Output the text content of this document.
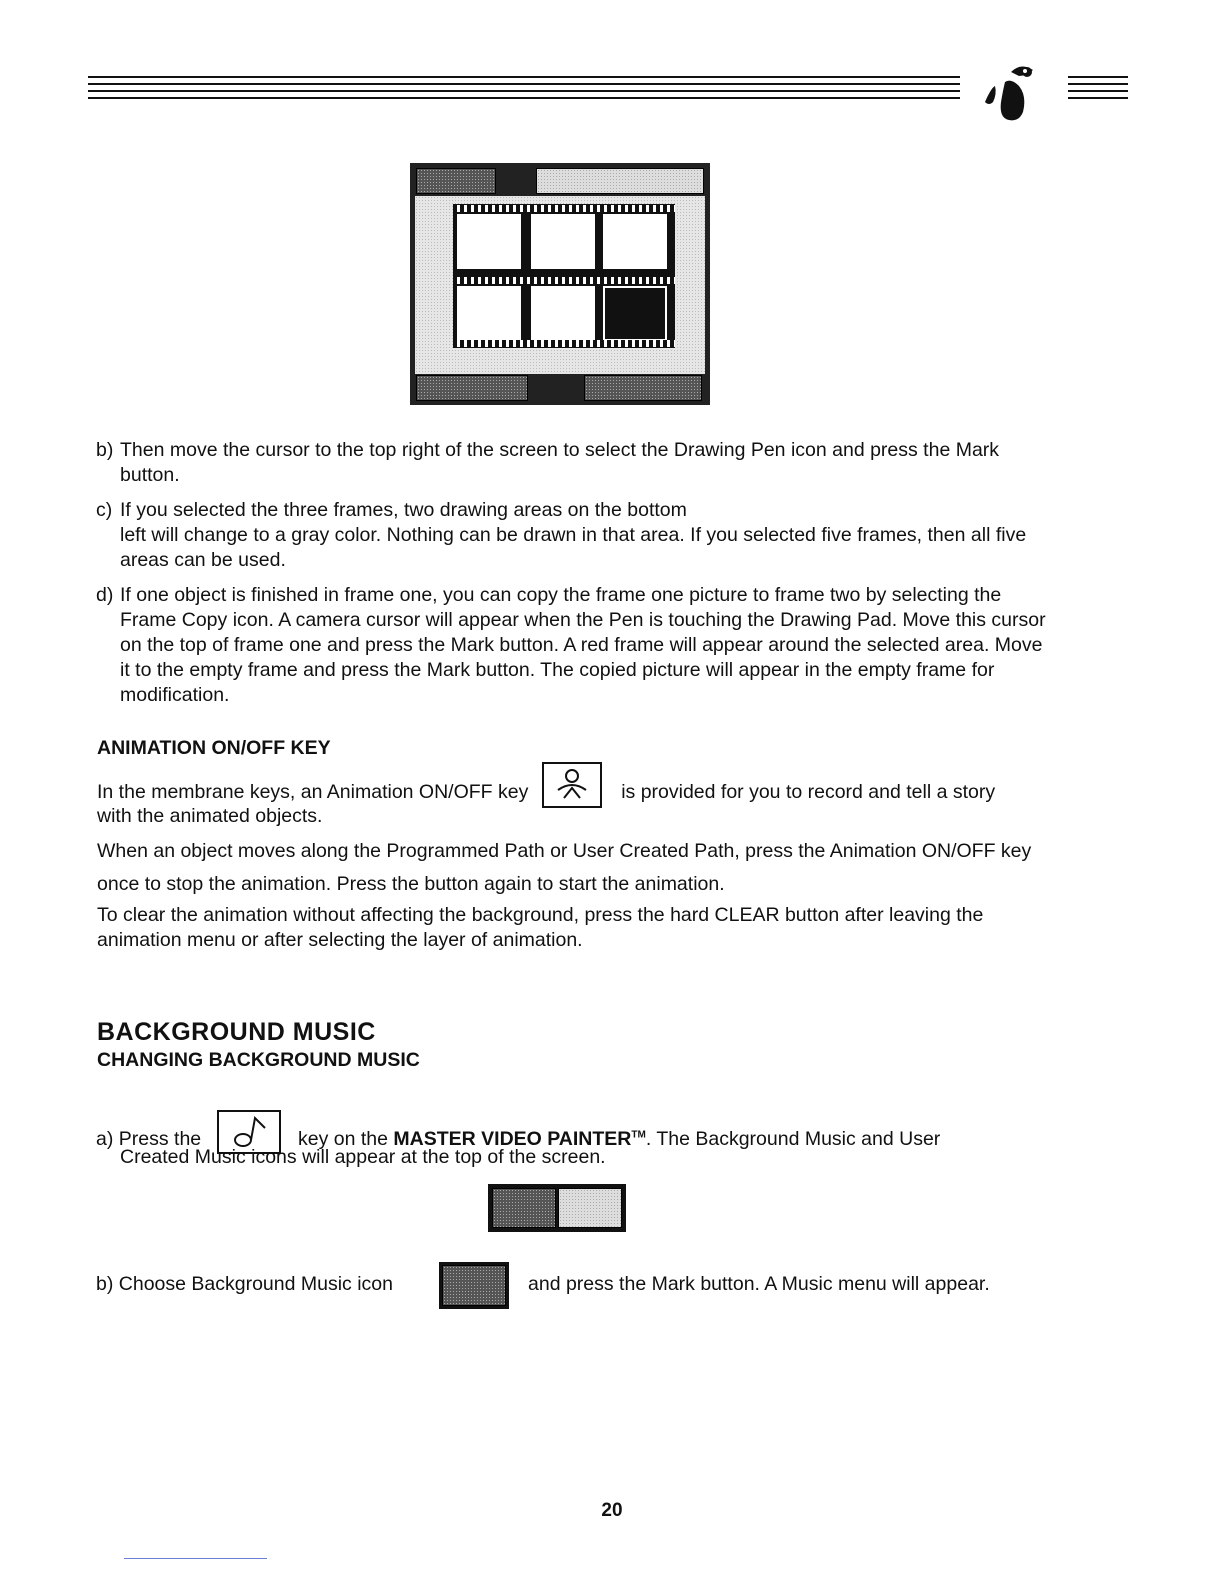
b) Then move the cursor to the top right of the screen to select the Drawing Pen icon and press the Mark button.
c) If you selected the three frames, two drawing areas on the bottom
left will change to a gray color. Nothing can be drawn in that area. If you selected five frames, then all five areas can be used.
d) If one object is finished in frame one, you can copy the frame one picture to frame two by selecting the Frame Copy icon. A camera cursor will appear when the Pen is touching the Drawing Pad. Move this cursor on the top of frame one and press the Mark button. A red frame will appear around the selected area. Move it to the empty frame and press the Mark button. The copied picture will appear in the empty frame for modification.
ANIMATION ON/OFF KEY
In the membrane keys, an Animation ON/OFF key	is provided for you to record and tell a story
with the animated objects.
When an object moves along the Programmed Path or User Created Path, press the Animation ON/OFF key once to stop the animation. Press the button again to start the animation.
To clear the animation without affecting the background, press the hard CLEAR button after leaving the animation menu or after selecting the layer of animation.
BACKGROUND MUSIC
CHANGING BACKGROUND MUSIC
a) Press the	key on the MASTER VIDEO PAINTER™. The Background Music and User
Created Music icons will appear at the top of the screen.
b) Choose Background Music icon	and press the Mark button. A Music menu will appear.
20
